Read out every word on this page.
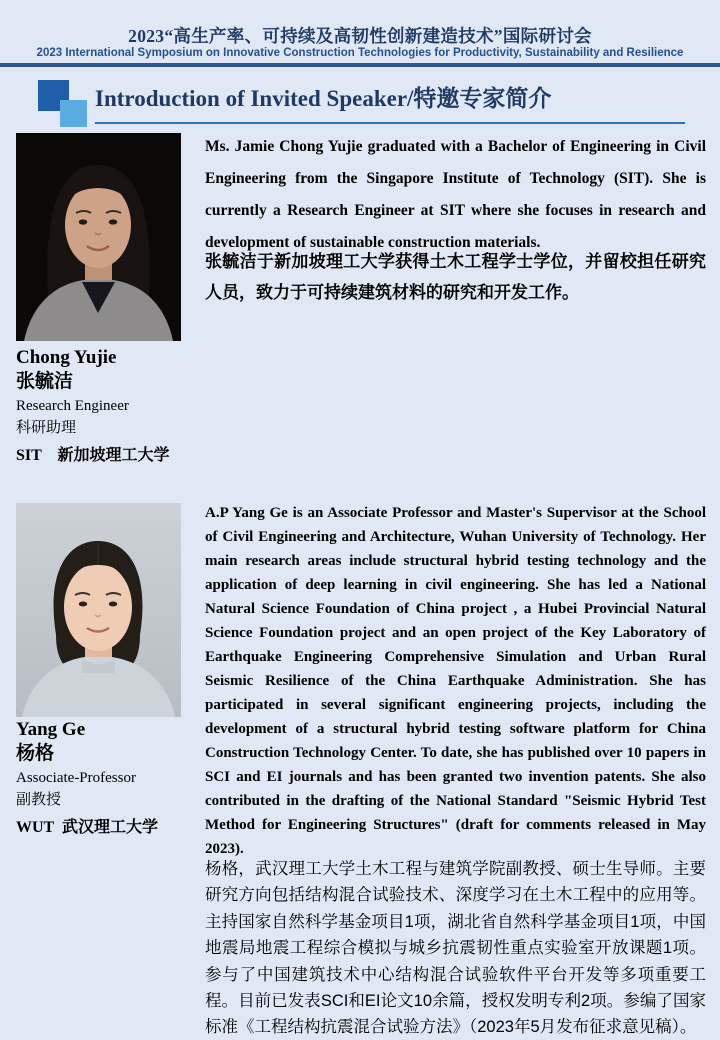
2023“高生产率、可持续及高韧性创新建造技术”国际研讨会
2023 International Symposium on Innovative Construction Technologies for Productivity, Sustainability and Resilience
Introduction of Invited Speaker/特邀专家简介
Chong Yujie
张毓洁
Research Engineer
科研助理
SIT    新加坡理工大学

Ms. Jamie Chong Yujie graduated with a Bachelor of Engineering in Civil Engineering from the Singapore Institute of Technology (SIT). She is currently a Research Engineer at SIT where she focuses in research and development of sustainable construction materials.

张毓洁于新加坡理工大学获得土木工程学士学位，并留校担任研究人员，致力于可持续建筑材料的研究和开发工作。

Yang Ge
杨格
Associate-Professor
副教授
WUT  武汉理工大学

A.P Yang Ge is an Associate Professor and Master's Supervisor at the School of Civil Engineering and Architecture, Wuhan University of Technology. Her main research areas include structural hybrid testing technology and the application of deep learning in civil engineering. She has led a National Natural Science Foundation of China project , a Hubei Provincial Natural Science Foundation project and an open project of the Key Laboratory of Earthquake Engineering Comprehensive Simulation and Urban Rural Seismic Resilience of the China Earthquake Administration. She has participated in several significant engineering projects, including the development of a structural hybrid testing software platform for China Construction Technology Center. To date, she has published over 10 papers in SCI and EI journals and has been granted two invention patents. She also contributed in the drafting of the National Standard "Seismic Hybrid Test Method for Engineering Structures" (draft for comments released in May 2023).

杨格，武汉理工大学土木工程与建筑学院副教授、硕士生导师。主要研究方向包括结构混合试验技术、深度学习在土木工程中的应用等。主持国家自然科学基金项目1项，湖北省自然科学基金项目1项，中国地震局地震工程综合模拟与城乡抗震韧性重点实验室开放课题1项。参与了中国建筑技术中心结构混合试验软件平台开发等多项重要工程。目前已发表SCI和EI论文10余篇，授权发明专利2项。参编了国家标准《工程结构抗震混合试验方法》（2023年5月发布征求意见稿）。
